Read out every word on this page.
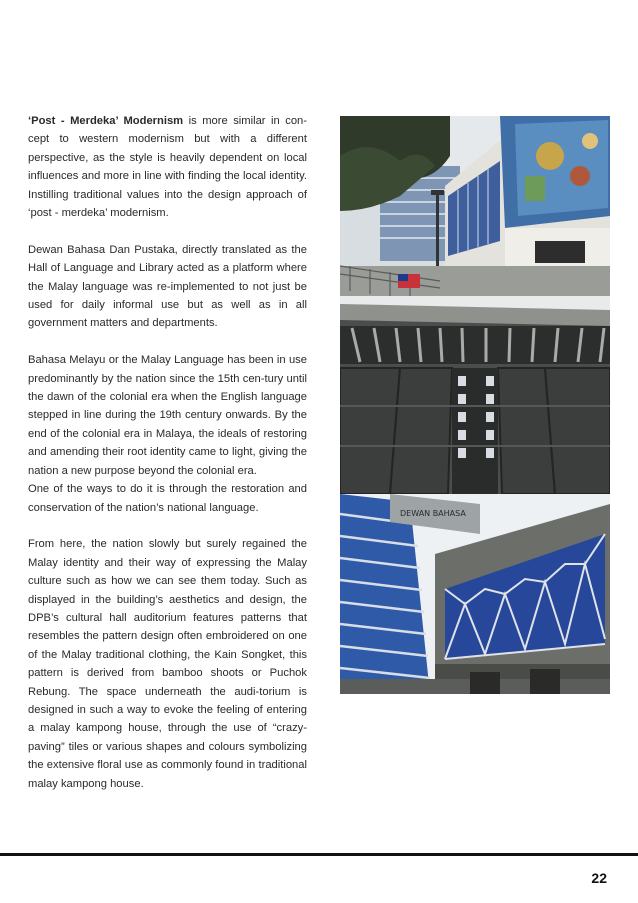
‘Post - Merdeka’ Modernism is more similar in con-cept to western modernism but with a different perspective, as the style is heavily dependent on local influences and more in line with finding the local identity. Instilling traditional values into the design approach of ‘post - merdeka’ modernism.

Dewan Bahasa Dan Pustaka, directly translated as the Hall of Language and Library acted as a platform where the Malay language was re-implemented to not just be used for daily informal use but as well as in all government matters and departments.

Bahasa Melayu or the Malay Language has been in use predominantly by the nation since the 15th cen-tury until the dawn of the colonial era when the English language stepped in line during the 19th century onwards. By the end of the colonial era in Malaya, the ideals of restoring and amending their root identity came to light, giving the nation a new purpose beyond the colonial era.

One of the ways to do it is through the restoration and conservation of the nation’s national language.

From here, the nation slowly but surely regained the Malay identity and their way of expressing the Malay culture such as how we can see them today. Such as displayed in the building’s aesthetics and design, the DPB’s cultural hall auditorium features patterns that resembles the pattern design often embroidered on one of the Malay traditional clothing, the Kain Songket, this pattern is derived from bamboo shoots or Puchok Rebung. The space underneath the audi-torium is designed in such a way to evoke the feeling of entering a malay kampong house, through the use of “crazy-paving” tiles or various shapes and colours symbolizing the extensive floral use as commonly found in traditional malay kampong house.

DEWAN BAHASA
22
